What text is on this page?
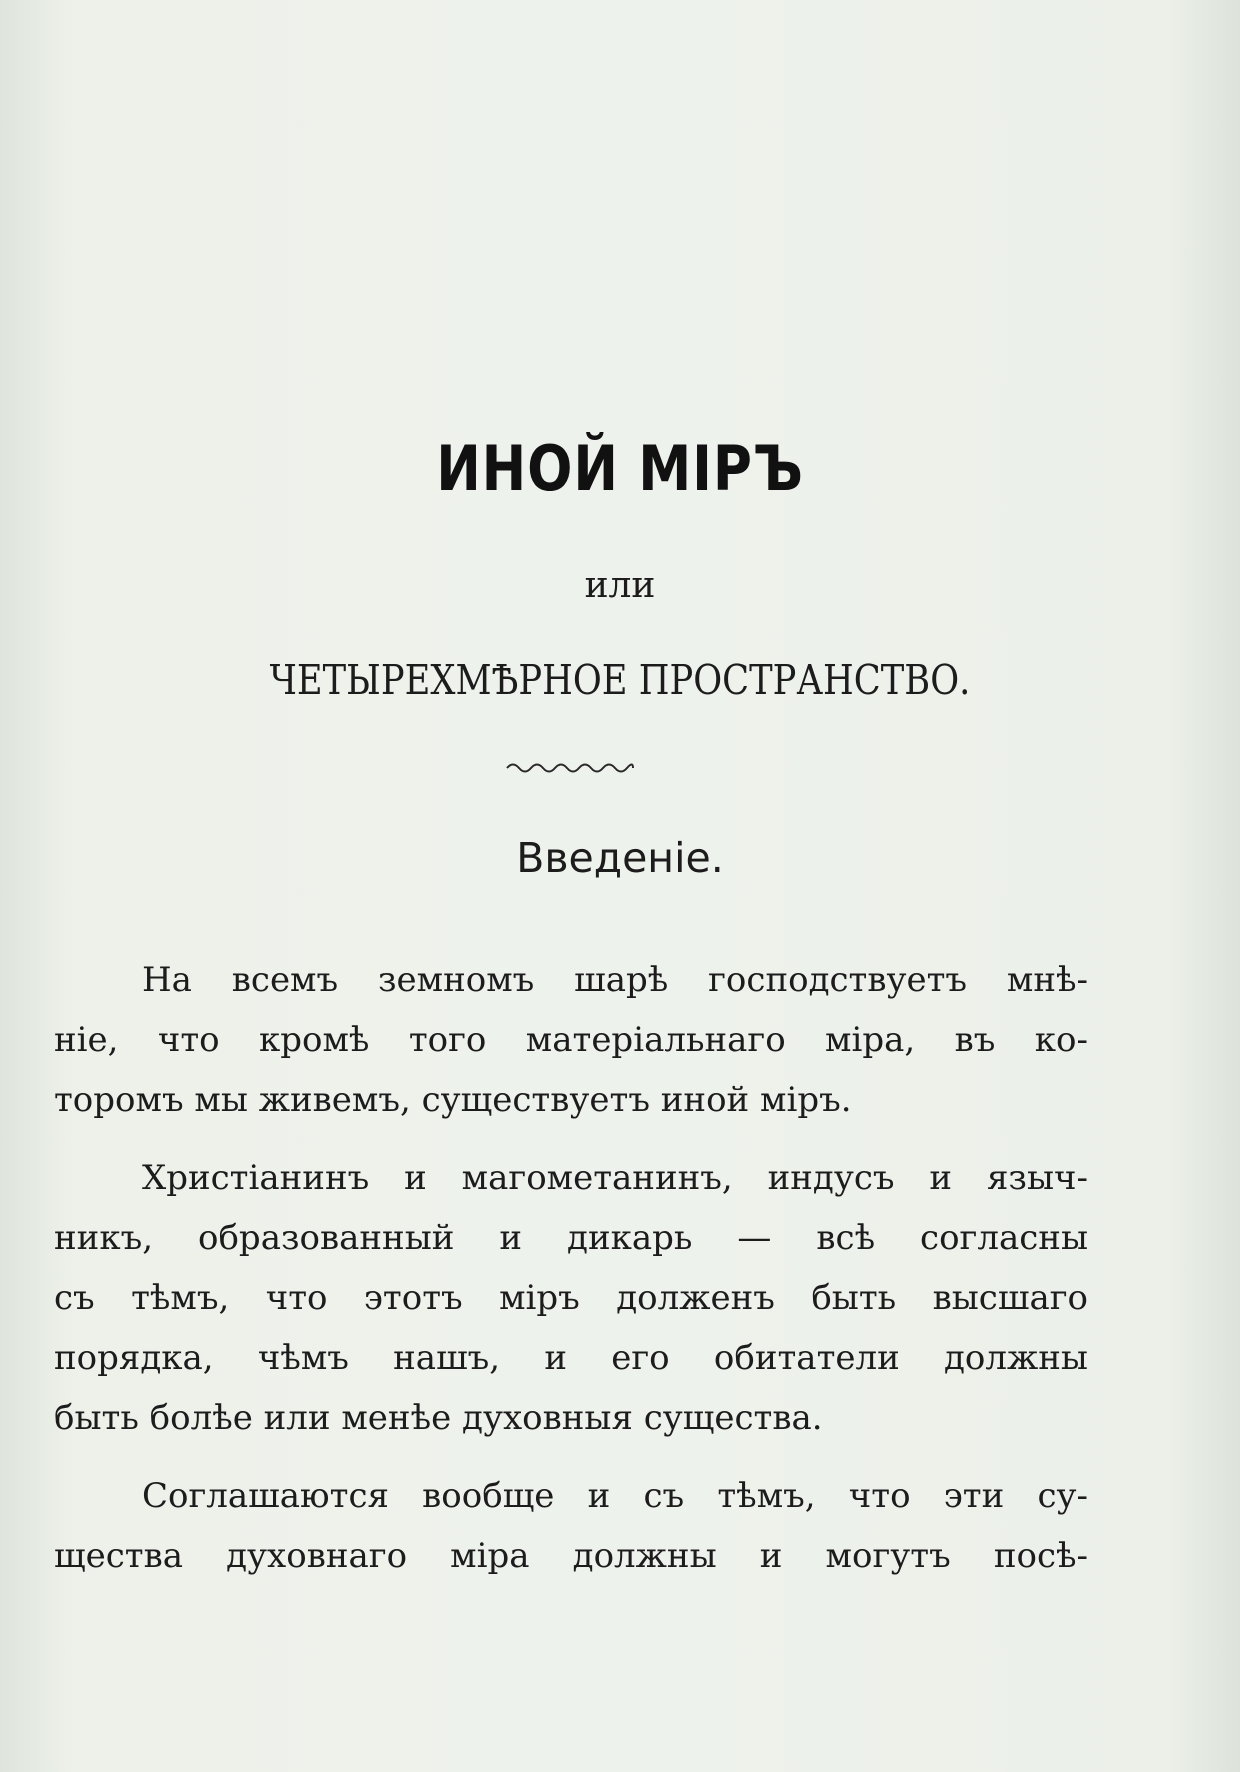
ИНОЙ МІРЪ
или
ЧЕТЫРЕХМѢРНОЕ ПРОСТРАНСТВО.
Введеніе.
На всемъ земномъ шарѣ господствуетъ мнѣ-
ніе, что кромѣ того матеріальнаго міра, въ ко-
торомъ мы живемъ, существуетъ иной міръ.
Христіанинъ и магометанинъ, индусъ и языч-
никъ, образованный и дикарь — всѣ согласны
съ тѣмъ, что этотъ міръ долженъ быть высшаго
порядка, чѣмъ нашъ, и его обитатели должны
быть болѣе или менѣе духовныя существа.
Соглашаются вообще и съ тѣмъ, что эти су-
щества духовнаго міра должны и могутъ посѣ-
